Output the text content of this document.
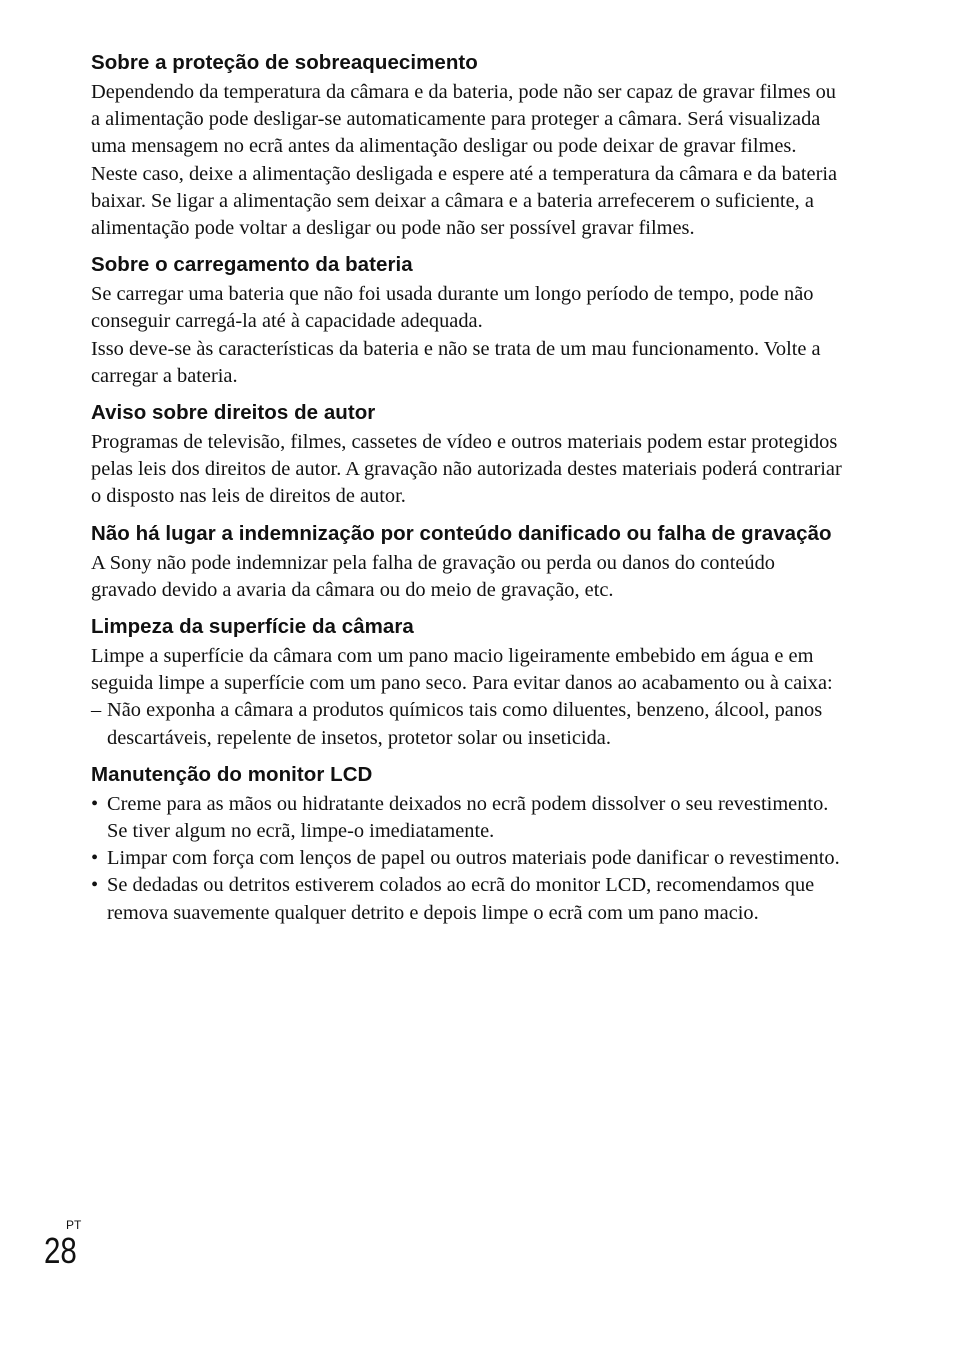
Sobre a proteção de sobreaquecimento

Dependendo da temperatura da câmara e da bateria, pode não ser capaz de gravar filmes ou a alimentação pode desligar-se automaticamente para proteger a câmara. Será visualizada uma mensagem no ecrã antes da alimentação desligar ou pode deixar de gravar filmes. Neste caso, deixe a alimentação desligada e espere até a temperatura da câmara e da bateria baixar. Se ligar a alimentação sem deixar a câmara e a bateria arrefecerem o suficiente, a alimentação pode voltar a desligar ou pode não ser possível gravar filmes.

Sobre o carregamento da bateria

Se carregar uma bateria que não foi usada durante um longo período de tempo, pode não conseguir carregá-la até à capacidade adequada.

Isso deve-se às características da bateria e não se trata de um mau funcionamento. Volte a carregar a bateria.

Aviso sobre direitos de autor

Programas de televisão, filmes, cassetes de vídeo e outros materiais podem estar protegidos pelas leis dos direitos de autor. A gravação não autorizada destes materiais poderá contrariar o disposto nas leis de direitos de autor.

Não há lugar a indemnização por conteúdo danificado ou falha de gravação

A Sony não pode indemnizar pela falha de gravação ou perda ou danos do conteúdo gravado devido a avaria da câmara ou do meio de gravação, etc.

Limpeza da superfície da câmara

Limpe a superfície da câmara com um pano macio ligeiramente embebido em água e em seguida limpe a superfície com um pano seco. Para evitar danos ao acabamento ou à caixa:

– Não exponha a câmara a produtos químicos tais como diluentes, benzeno, álcool, panos descartáveis, repelente de insetos, protetor solar ou inseticida.
Manutenção do monitor LCD
• Creme para as mãos ou hidratante deixados no ecrã podem dissolver o seu revestimento. Se tiver algum no ecrã, limpe-o imediatamente.
• Limpar com força com lenços de papel ou outros materiais pode danificar o revestimento.
• Se dedadas ou detritos estiverem colados ao ecrã do monitor LCD, recomendamos que remova suavemente qualquer detrito e depois limpe o ecrã com um pano macio.
PT
28
